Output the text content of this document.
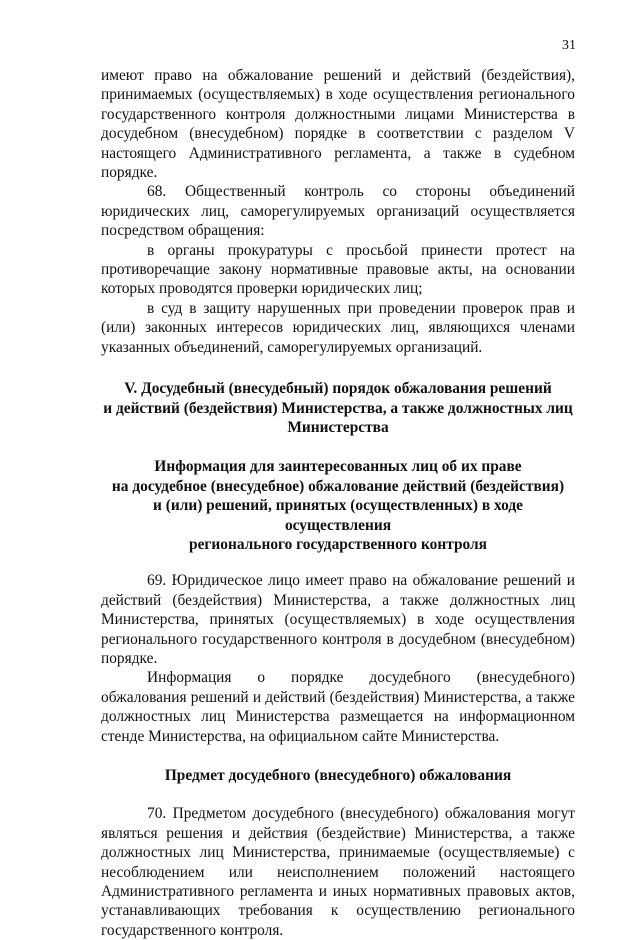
31

имеют право на обжалование решений и действий (бездействия), принимаемых (осуществляемых) в ходе осуществления регионального государственного контроля должностными лицами Министерства в досудебном (внесудебном) порядке в соответствии с разделом V настоящего Административного регламента, а также в судебном порядке.

68. Общественный контроль со стороны объединений юридических лиц, саморегулируемых организаций осуществляется посредством обращения:

в органы прокуратуры с просьбой принести протест на противоречащие закону нормативные правовые акты, на основании которых проводятся проверки юридических лиц;

в суд в защиту нарушенных при проведении проверок прав и (или) законных интересов юридических лиц, являющихся членами указанных объединений, саморегулируемых организаций.

V. Досудебный (внесудебный) порядок обжалования решений
и действий (бездействия) Министерства, а также должностных лиц
Министерства
Информация для заинтересованных лиц об их праве
на досудебное (внесудебное) обжалование действий (бездействия)
и (или) решений, принятых (осуществленных) в ходе осуществления
регионального государственного контроля

69. Юридическое лицо имеет право на обжалование решений и действий (бездействия) Министерства, а также должностных лиц Министерства, принятых (осуществляемых) в ходе осуществления регионального государственного контроля в досудебном (внесудебном) порядке.

Информация о порядке досудебного (внесудебного) обжалования решений и действий (бездействия) Министерства, а также должностных лиц Министерства размещается на информационном стенде Министерства, на официальном сайте Министерства.

Предмет досудебного (внесудебного) обжалования

70. Предметом досудебного (внесудебного) обжалования могут являться решения и действия (бездействие) Министерства, а также должностных лиц Министерства, принимаемые (осуществляемые) с несоблюдением или неисполнением положений настоящего Административного регламента и иных нормативных правовых актов, устанавливающих требования к осуществлению регионального государственного контроля.
